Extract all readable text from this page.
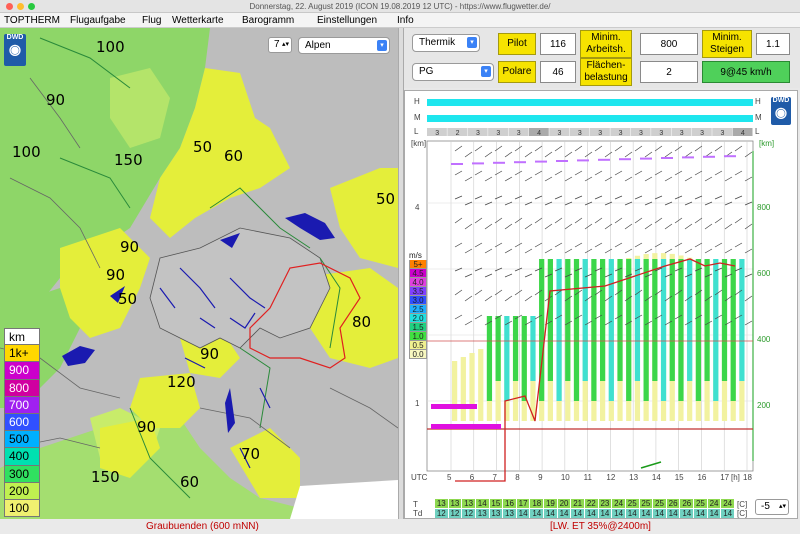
Donnerstag, 22. August 2019 (ICON 19.08.2019 12 UTC) - https://www.flugwetter.de/
TOPTHERM Flugaufgabe Flug Wetterkarte Barogramm Einstellungen Info
DWD
◉	7 ▴▾	Alpen	▾
100
90
100	150
50 60
50
90
90
50
80
90
120
90
70
150	60
km
1k+
900
800
700
600
500
400
300
200
100
Thermik	▾	Pilot	116
Minim. Arbeitsh.	800
Minim. Steigen	1.1
PG	▾	Polare	46
Flächen-belastung	2	9@45 km/h
3 2 3 3 3 4 3 3 3 3 3 3 3 3 3 4
DWD
◉
H
M
L
H
M
L
[km]
4
1
[km]
800
600
400
200
m/s
5+
4.5
4.0
3.5
3.0
2.5
2.0
1.5
1.0
0.5
0.0
UTC 5 6 7 8 9 10 11 12 13 14 15 16 17 18
[h]
-5 ▴▾
T
Td
13 13 13 14 15 16 17 18 19 20 21 22 23 24 25 25 25 26 26 25 24 24
12 12 12 13 13 13 14 14 14 14 14 14 14 14 14 14 14 14 14 14 14 14
[C]
[C]
Graubuenden (600 mNN)	[LW. ET 35%@2400m]
